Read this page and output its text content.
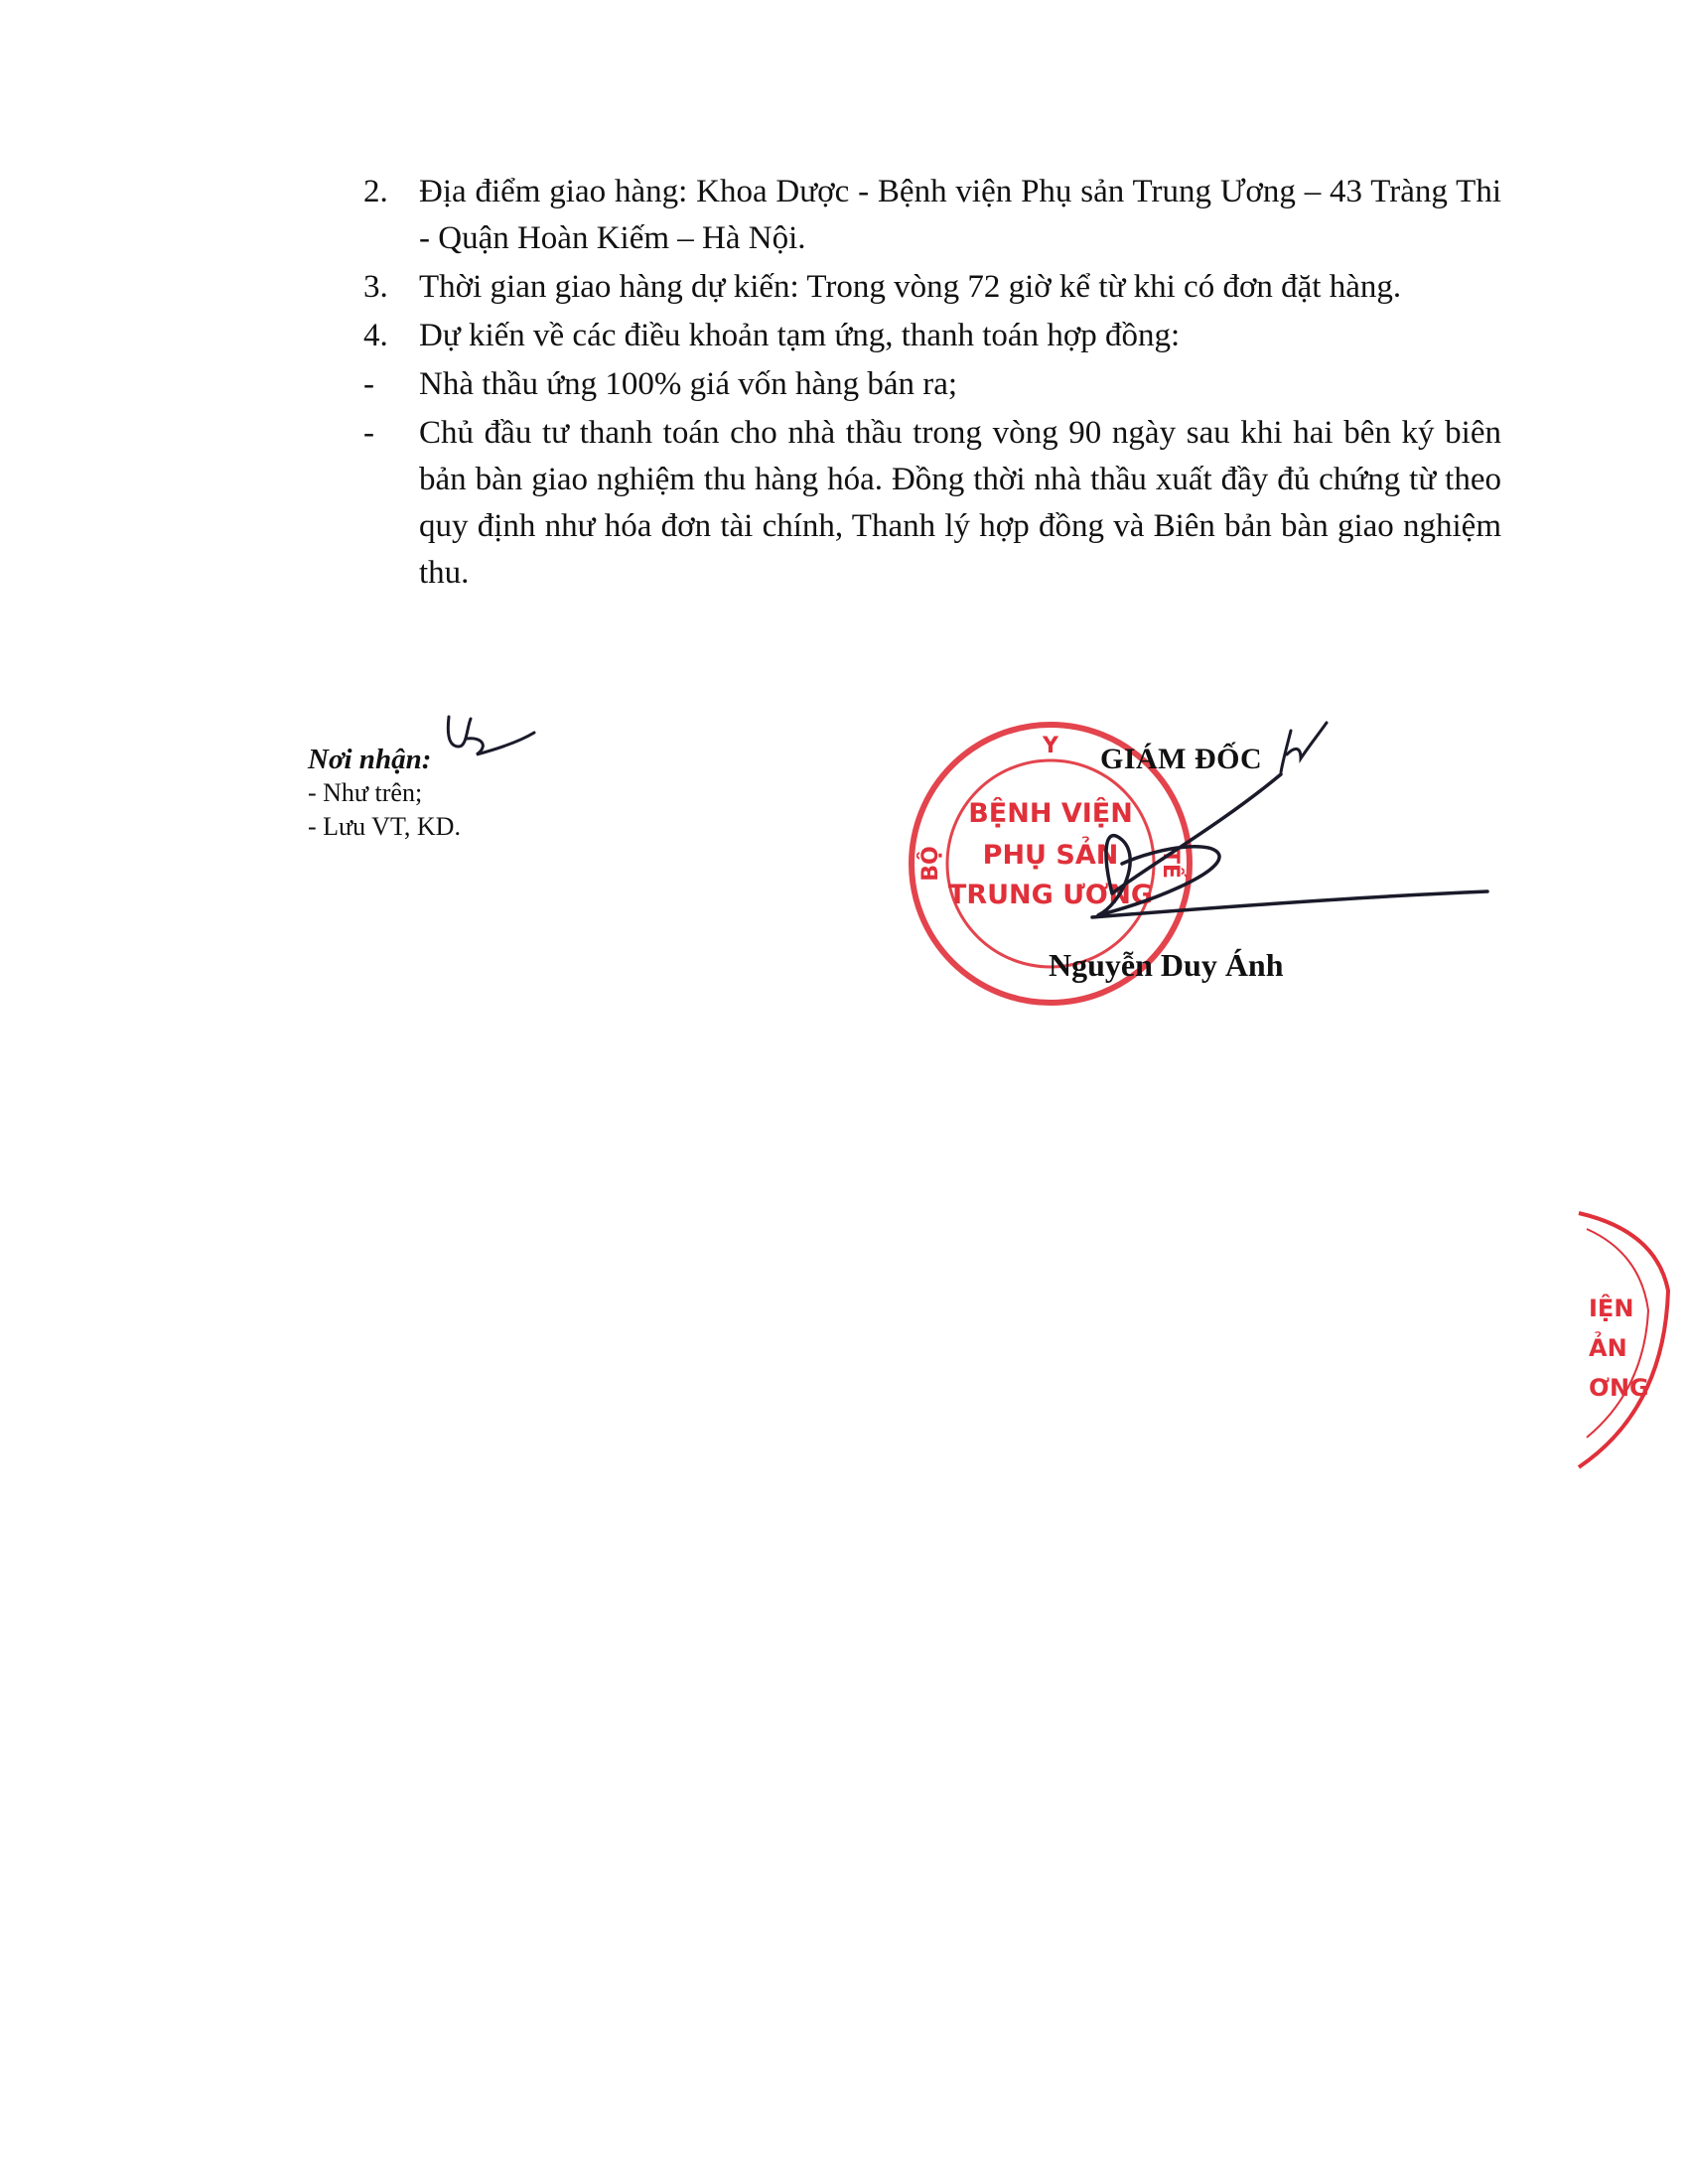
2. Địa điểm giao hàng: Khoa Dược - Bệnh viện Phụ sản Trung Ương – 43 Tràng Thi - Quận Hoàn Kiếm – Hà Nội.
3. Thời gian giao hàng dự kiến: Trong vòng 72 giờ kể từ khi có đơn đặt hàng.
4. Dự kiến về các điều khoản tạm ứng, thanh toán hợp đồng:
-	Nhà thầu ứng 100% giá vốn hàng bán ra;
-	Chủ đầu tư thanh toán cho nhà thầu trong vòng 90 ngày sau khi hai bên ký biên bản bàn giao nghiệm thu hàng hóa. Đồng thời nhà thầu xuất đầy đủ chứng từ theo quy định như hóa đơn tài chính, Thanh lý hợp đồng và Biên bản bàn giao nghiệm thu.
Nơi nhận:
- Như trên;
- Lưu VT, KD.
Y
BỘ	TẾ
BỆNH VIỆN
PHỤ SẢN
TRUNG ƯƠNG
IỆN
ẢN
ƠNG
GIÁM ĐỐC
Nguyễn Duy Ánh
